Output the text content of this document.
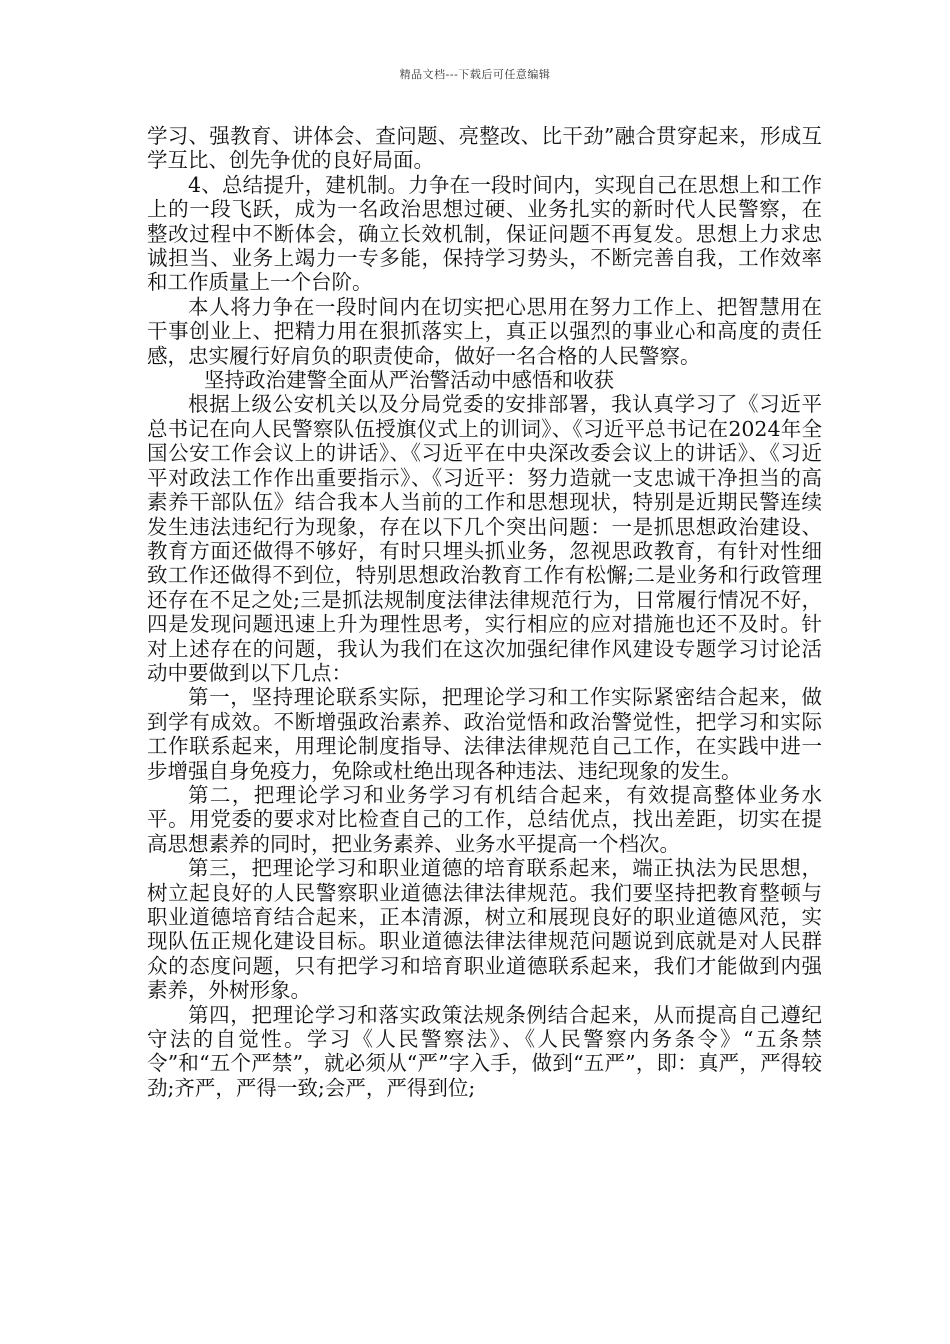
精品文档---下载后可任意编辑

学习、强教育、讲体会、查问题、亮整改、比干劲”融合贯穿起来，形成互学互比、创先争优的良好局面。

4、总结提升，建机制。力争在一段时间内，实现自己在思想上和工作上的一段飞跃，成为一名政治思想过硬、业务扎实的新时代人民警察，在整改过程中不断体会，确立长效机制，保证问题不再复发。思想上力求忠诚担当、业务上竭力一专多能，保持学习势头，不断完善自我，工作效率和工作质量上一个台阶。

本人将力争在一段时间内在切实把心思用在努力工作上、把智慧用在干事创业上、把精力用在狠抓落实上，真正以强烈的事业心和高度的责任感，忠实履行好肩负的职责使命，做好一名合格的人民警察。

坚持政治建警全面从严治警活动中感悟和收获

根据上级公安机关以及分局党委的安排部署，我认真学习了《习近平总书记在向人民警察队伍授旗仪式上的训词》、《习近平总书记在2024年全国公安工作会议上的讲话》、《习近平在中央深改委会议上的讲话》、《习近平对政法工作作出重要指示》、《习近平：努力造就一支忠诚干净担当的高素养干部队伍》结合我本人当前的工作和思想现状，特别是近期民警连续发生违法违纪行为现象，存在以下几个突出问题：一是抓思想政治建设、教育方面还做得不够好，有时只埋头抓业务，忽视思政教育，有针对性细致工作还做得不到位，特别思想政治教育工作有松懈;二是业务和行政管理还存在不足之处;三是抓法规制度法律法律规范行为，日常履行情况不好，四是发现问题迅速上升为理性思考，实行相应的应对措施也还不及时。针对上述存在的问题，我认为我们在这次加强纪律作风建设专题学习讨论活动中要做到以下几点：

第一，坚持理论联系实际，把理论学习和工作实际紧密结合起来，做到学有成效。不断增强政治素养、政治觉悟和政治警觉性，把学习和实际工作联系起来，用理论制度指导、法律法律规范自己工作，在实践中进一步增强自身免疫力，免除或杜绝出现各种违法、违纪现象的发生。

第二，把理论学习和业务学习有机结合起来，有效提高整体业务水平。用党委的要求对比检查自己的工作，总结优点，找出差距，切实在提高思想素养的同时，把业务素养、业务水平提高一个档次。

第三，把理论学习和职业道德的培育联系起来，端正执法为民思想，树立起良好的人民警察职业道德法律法律规范。我们要坚持把教育整顿与职业道德培育结合起来，正本清源，树立和展现良好的职业道德风范，实现队伍正规化建设目标。职业道德法律法律规范问题说到底就是对人民群众的态度问题，只有把学习和培育职业道德联系起来，我们才能做到内强素养，外树形象。

第四，把理论学习和落实政策法规条例结合起来，从而提高自己遵纪守法的自觉性。学习《人民警察法》、《人民警察内务条令》“五条禁令”和“五个严禁”，就必须从“严”字入手，做到“五严”，即：真严，严得较劲;齐严，严得一致;会严，严得到位;
